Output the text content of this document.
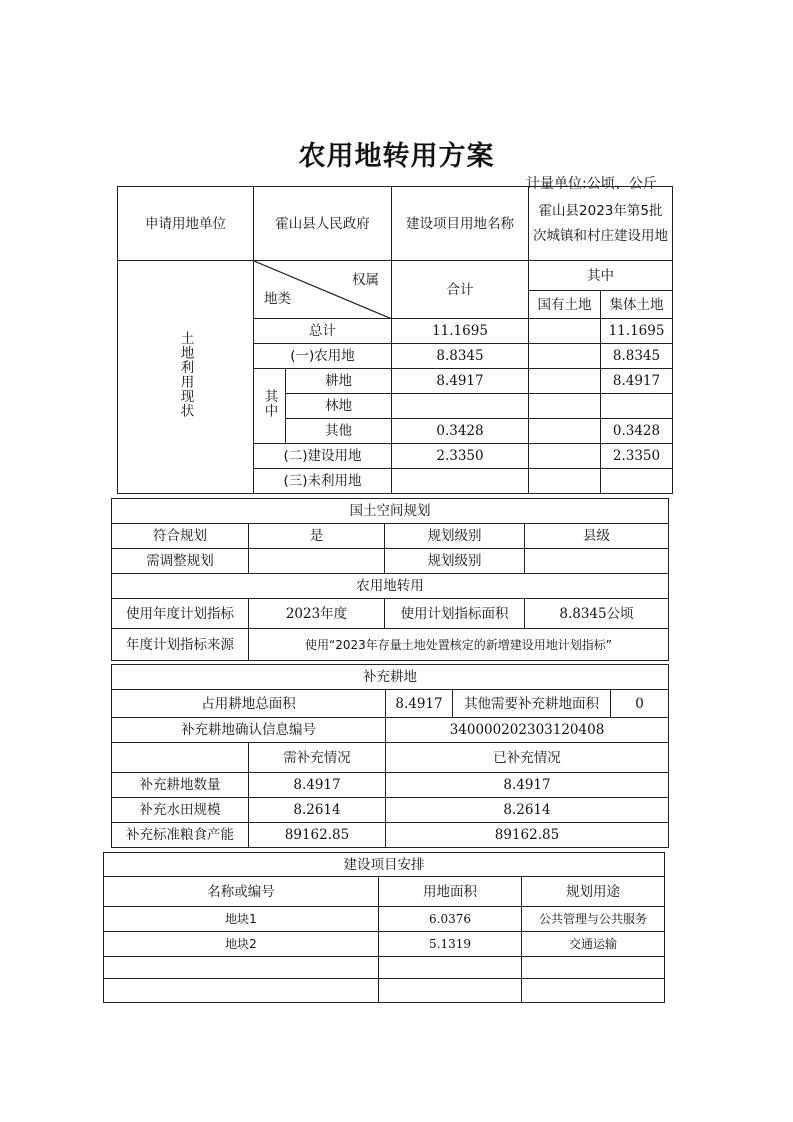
农用地转用方案
计量单位:公顷、公斤
申请用地单位	霍山县人民政府		建设项目用地名称	霍山县2023年第5批次城镇和村庄建设用地	
土地利用现状	权属
地类		合计	其中	
				国有土地	集体土地
	总计		11.1695		11.1695
	(一)农用地		8.8345		8.8345
	其中	耕地	8.4917		8.4917
		林地			
		其他	0.3428		0.3428
	(二)建设用地		2.3350		2.3350
	(三)未利用地				
国土空间规划			
符合规划	是	规划级别	县级
需调整规划		规划级别	
农用地转用			
使用年度计划指标	2023年度	使用计划指标面积	8.8345公顷
年度计划指标来源	使用“2023年存量土地处置核定的新增建设用地计划指标”		
补充耕地				
占用耕地总面积		8.4917	其他需要补充耕地面积	0
补充耕地确认信息编号		340000202303120408		
	需补充情况	已补充情况		
补充耕地数量	8.4917	8.4917		
补充水田规模	8.2614	8.2614		
补充标准粮食产能	89162.85	89162.85		
建设项目安排		
名称或编号	用地面积	规划用途
地块1	6.0376	公共管理与公共服务
地块2	5.1319	交通运输
